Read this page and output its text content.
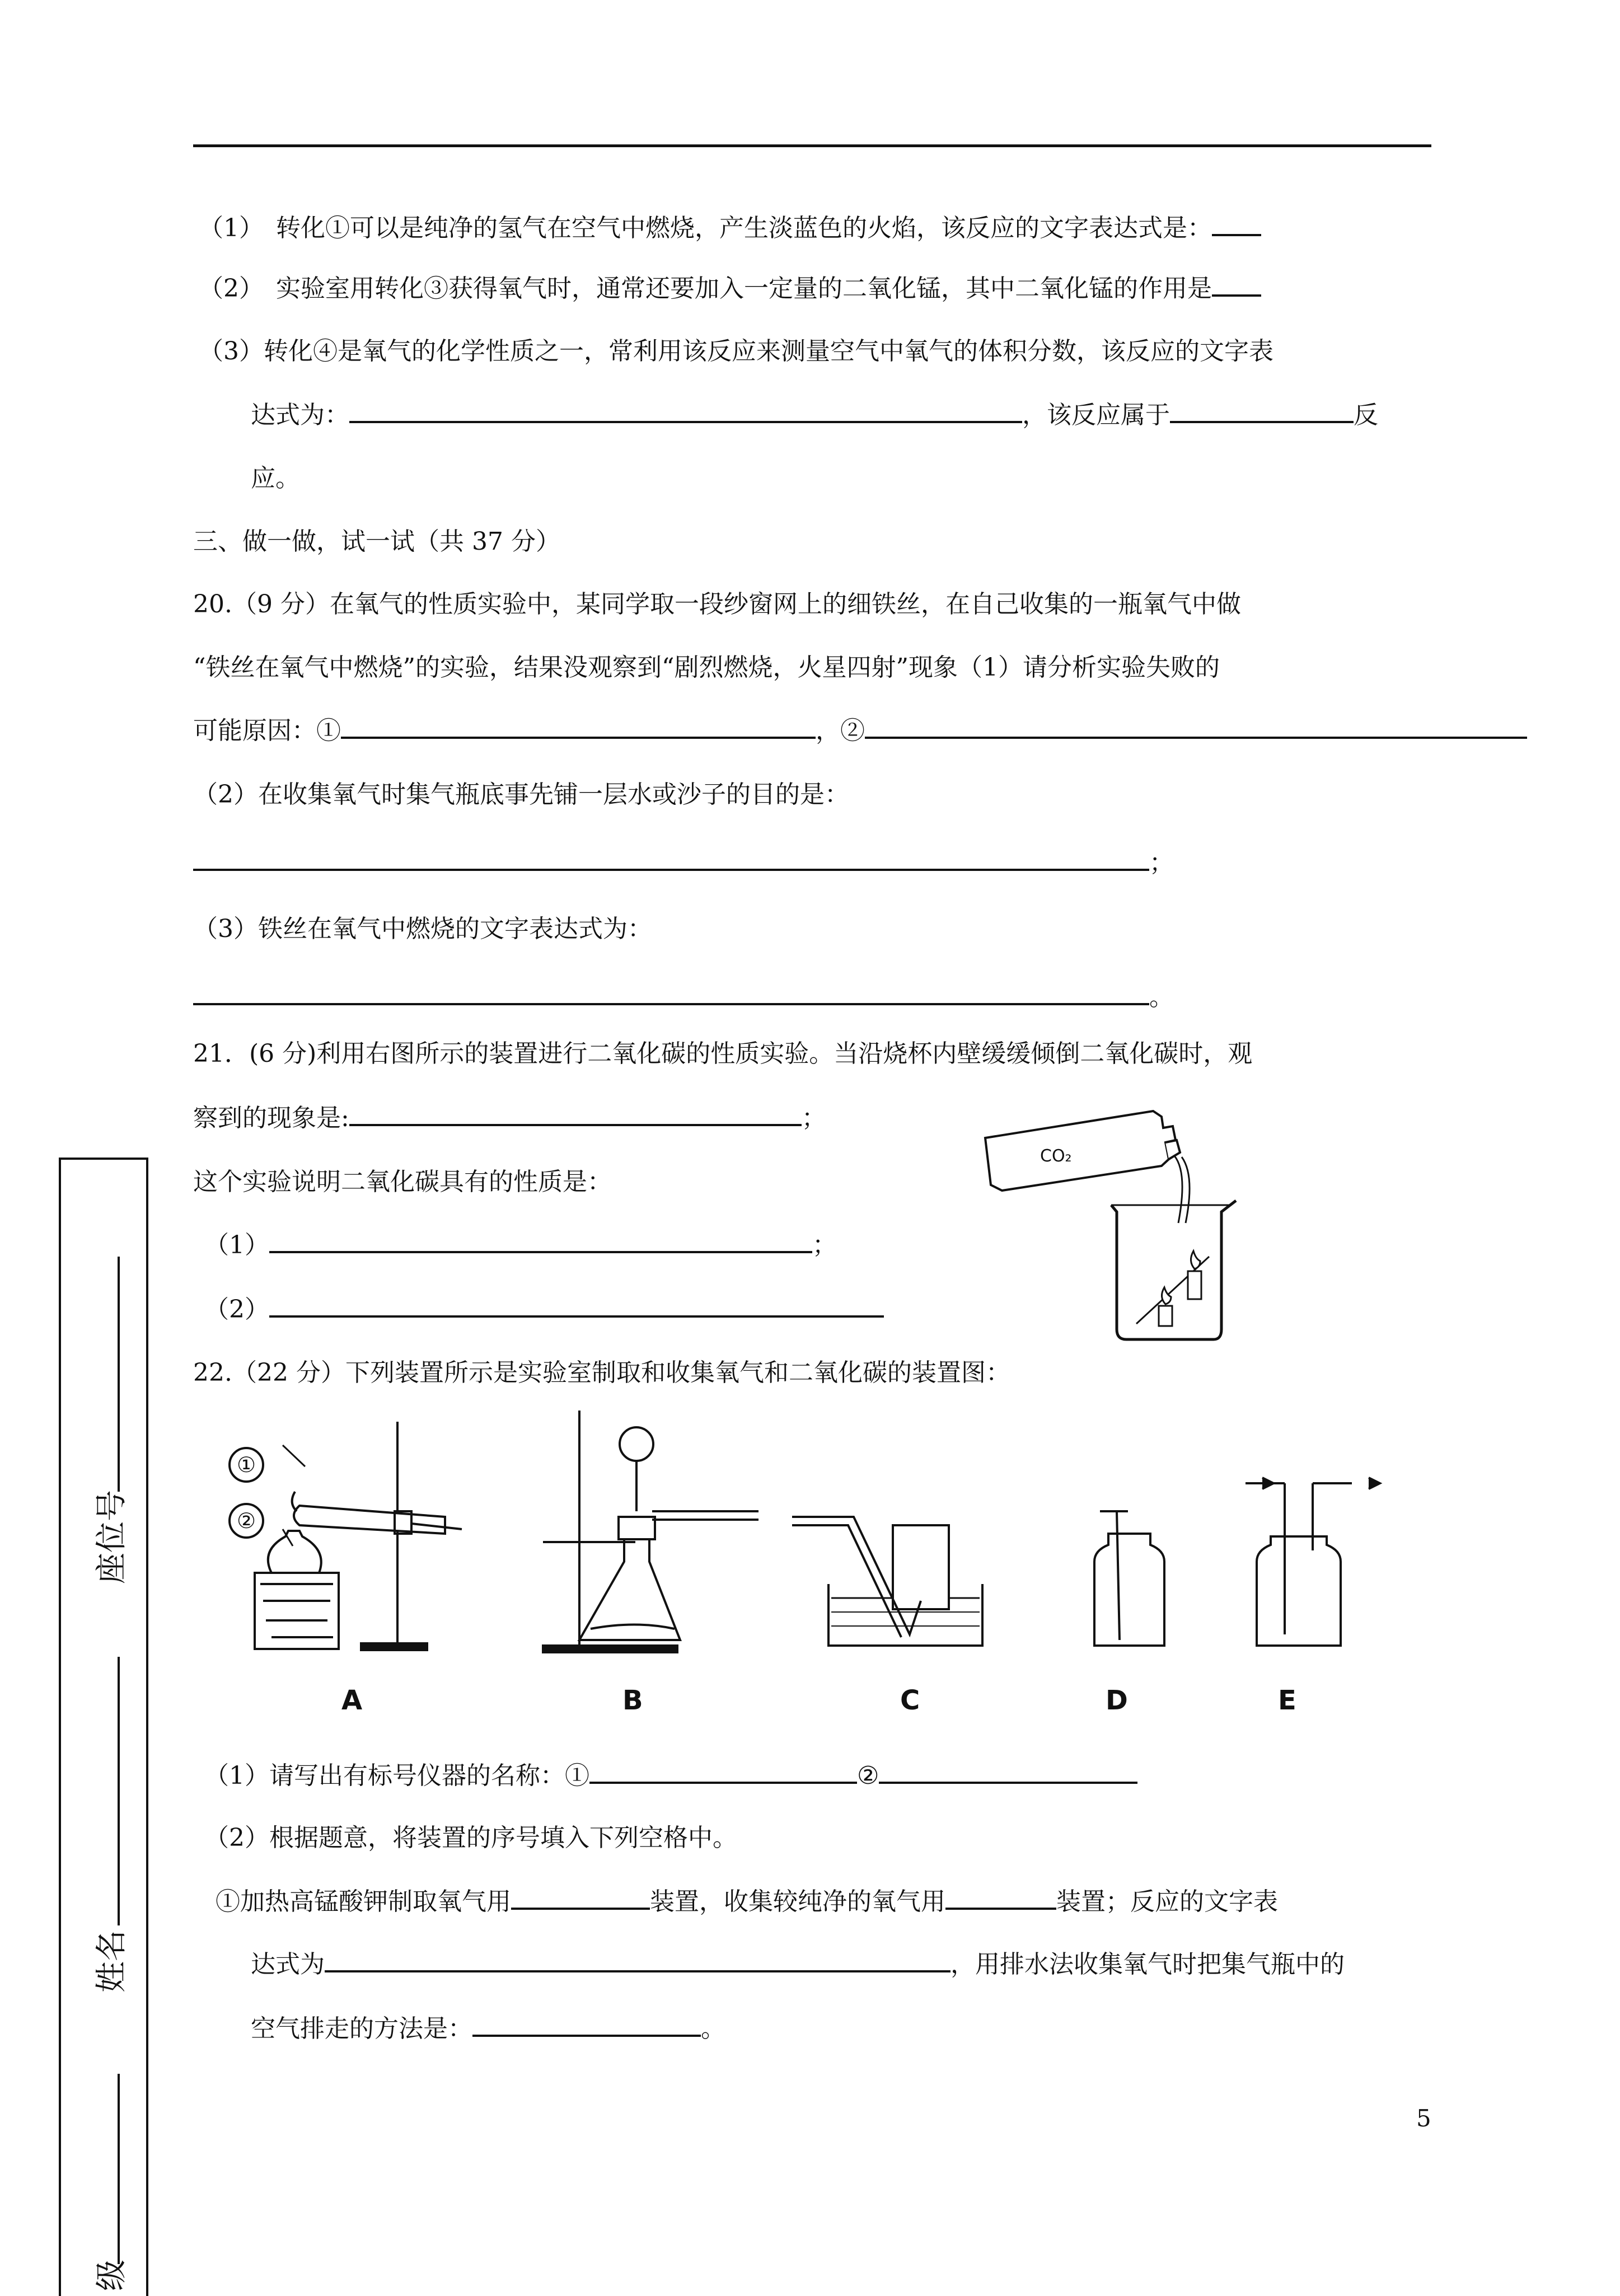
（1）　转化①可以是纯净的氢气在空气中燃烧，产生淡蓝色的火焰，该反应的文字表达式是：
（2）　实验室用转化③获得氧气时，通常还要加入一定量的二氧化锰，其中二氧化锰的作用是
（3）转化④是氧气的化学性质之一，常利用该反应来测量空气中氧气的体积分数，该反应的文字表
达式为：	，该反应属于	反
应。
三、做一做，试一试（共 37 分）
20.（9 分）在氧气的性质实验中，某同学取一段纱窗网上的细铁丝，在自己收集的一瓶氧气中做
“铁丝在氧气中燃烧”的实验，结果没观察到“剧烈燃烧，火星四射”现象（1）请分析实验失败的
可能原因：①	，②
（2）在收集氧气时集气瓶底事先铺一层水或沙子的目的是：
；
（3）铁丝在氧气中燃烧的文字表达式为：
。
21．(6 分)利用右图所示的装置进行二氧化碳的性质实验。当沿烧杯内壁缓缓倾倒二氧化碳时，观
察到的现象是:	；
这个实验说明二氧化碳具有的性质是：
（1）	；
（2）
CO₂
22.（22 分）下列装置所示是实验室制取和收集氧气和二氧化碳的装置图：
①
②
A	B	C	D	E
（1）请写出有标号仪器的名称：①	②
（2）根据题意，将装置的序号填入下列空格中。
①加热高锰酸钾制取氧气用	装置，收集较纯净的氧气用	装置；反应的文字表
达式为	，用排水法收集氧气时把集气瓶中的
空气排走的方法是：	。
5
座位号
姓名
级
